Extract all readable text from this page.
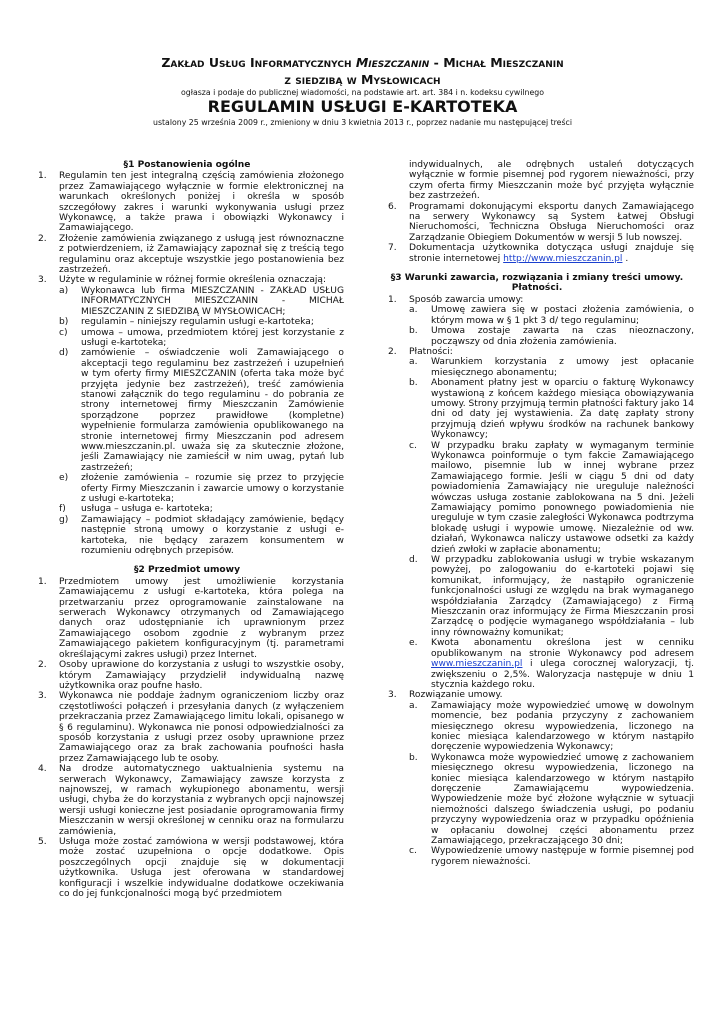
Zakład Usług Informatycznych Mieszczanin - Michał Mieszczanin
z siedzibą w Mysłowicach
ogłasza i podaje do publicznej wiadomości, na podstawie art. art. 384 i n. kodeksu cywilnego
REGULAMIN USŁUGI E-KARTOTEKA
ustalony 25 września 2009 r., zmieniony w dniu 3 kwietnia 2013 r., poprzez nadanie mu następującej treści
§1 Postanowienia ogólne
1. Regulamin ten jest integralną częścią zamówienia złożonego przez Zamawiającego wyłącznie w formie elektronicznej na warunkach określonych poniżej i określa w sposób szczegółowy zakres i warunki wykonywania usługi przez Wykonawcę, a także prawa i obowiązki Wykonawcy i Zamawiającego.
2. Złożenie zamówienia związanego z usługą jest równoznaczne z potwierdzeniem, iż Zamawiający zapoznał się z treścią tego regulaminu oraz akceptuje wszystkie jego postanowienia bez zastrzeżeń.
3. Użyte w regulaminie w różnej formie określenia oznaczają:
a) Wykonawca lub firma MIESZCZANIN - ZAKŁAD USŁUG INFORMATYCZNYCH MIESZCZANIN - MICHAŁ MIESZCZANIN Z SIEDZIBĄ W MYSŁOWICACH;
b) regulamin – niniejszy regulamin usługi e-kartoteka;
c) umowa – umowa, przedmiotem której jest korzystanie z usługi e-kartoteka;
d) zamówienie – oświadczenie woli Zamawiającego o akceptacji tego regulaminu bez zastrzeżeń i uzupełnień w tym oferty firmy MIESZCZANIN (oferta taka może być przyjęta jedynie bez zastrzeżeń), treść zamówienia stanowi załącznik do tego regulaminu - do pobrania ze strony internetowej firmy Mieszczanin Zamówienie sporządzone poprzez prawidłowe (kompletne) wypełnienie formularza zamówienia opublikowanego na stronie internetowej firmy Mieszczanin pod adresem www.mieszczanin.pl. uważa się za skutecznie złożone, jeśli Zamawiający nie zamieścił w nim uwag, pytań lub zastrzeżeń;
e) złożenie zamówienia – rozumie się przez to przyjęcie oferty Firmy Mieszczanin i zawarcie umowy o korzystanie z usługi e-kartoteka;
f) usługa – usługa e- kartoteka;
g) Zamawiający – podmiot składający zamówienie, będący następnie stroną umowy o korzystanie z usługi e-kartoteka, nie będący zarazem konsumentem w rozumieniu odrębnych przepisów.
§2 Przedmiot umowy
1. Przedmiotem umowy jest umożliwienie korzystania Zamawiającemu z usługi e-kartoteka, która polega na przetwarzaniu przez oprogramowanie zainstalowane na serwerach Wykonawcy otrzymanych od Zamawiającego danych oraz udostępnianie ich uprawnionym przez Zamawiającego osobom zgodnie z wybranym przez Zamawiającego pakietem konfiguracyjnym (tj. parametrami określającymi zakres usługi) przez Internet.
2. Osoby uprawione do korzystania z usługi to wszystkie osoby, którym Zamawiający przydzielił indywidualną nazwę użytkownika oraz poufne hasło.
3. Wykonawca nie poddaje żadnym ograniczeniom liczby oraz częstotliwości połączeń i przesyłania danych (z wyłączeniem przekraczania przez Zamawiającego limitu lokali, opisanego w § 6 regulaminu). Wykonawca nie ponosi odpowiedzialności za sposób korzystania z usługi przez osoby uprawnione przez Zamawiającego oraz za brak zachowania poufności hasła przez Zamawiającego lub te osoby.
4. Na drodze automatycznego uaktualnienia systemu na serwerach Wykonawcy, Zamawiający zawsze korzysta z najnowszej, w ramach wykupionego abonamentu, wersji usługi, chyba że do korzystania z wybranych opcji najnowszej wersji usługi konieczne jest posiadanie oprogramowania firmy Mieszczanin w wersji określonej w cenniku oraz na formularzu zamówienia,
5. Usługa może zostać zamówiona w wersji podstawowej, która może zostać uzupełniona o opcje dodatkowe. Opis poszczególnych opcji znajduje się w dokumentacji użytkownika. Usługa jest oferowana w standardowej konfiguracji i wszelkie indywidualne dodatkowe oczekiwania co do jej funkcjonalności mogą być przedmiotem
indywidualnych, ale odrębnych ustaleń dotyczących wyłącznie w formie pisemnej pod rygorem nieważności, przy czym oferta firmy Mieszczanin może być przyjęta wyłącznie bez zastrzeżeń.
6. Programami dokonującymi eksportu danych Zamawiającego na serwery Wykonawcy są System Łatwej Obsługi Nieruchomości, Techniczna Obsługa Nieruchomości oraz Zarządzanie Obiegiem Dokumentów w wersji 5 lub nowszej.
7. Dokumentacja użytkownika dotycząca usługi znajduje się stronie internetowej http://www.mieszczanin.pl .
§3 Warunki zawarcia, rozwiązania i zmiany treści umowy. Płatności.
1. Sposób zawarcia umowy:
a. Umowę zawiera się w postaci złożenia zamówienia, o którym mowa w § 1 pkt 3 d/ tego regulaminu;
b. Umowa zostaje zawarta na czas nieoznaczony, począwszy od dnia złożenia zamówienia.
2. Płatności:
a. Warunkiem korzystania z umowy jest opłacanie miesięcznego abonamentu;
b. Abonament płatny jest w oparciu o fakturę Wykonawcy wystawioną z końcem każdego miesiąca obowiązywania umowy. Strony przyjmują termin płatności faktury jako 14 dni od daty jej wystawienia. Za datę zapłaty strony przyjmują dzień wpływu środków na rachunek bankowy Wykonawcy;
c. W przypadku braku zapłaty w wymaganym terminie Wykonawca poinformuje o tym fakcie Zamawiającego mailowo, pisemnie lub w innej wybrane przez Zamawiającego formie. Jeśli w ciągu 5 dni od daty powiadomienia Zamawiający nie ureguluje należności wówczas usługa zostanie zablokowana na 5 dni. Jeżeli Zamawiający pomimo ponownego powiadomienia nie ureguluje w tym czasie zaległości Wykonawca podtrzyma blokadę usługi i wypowie umowę. Niezależnie od ww. działań, Wykonawca naliczy ustawowe odsetki za każdy dzień zwłoki w zapłacie abonamentu;
d. W przypadku zablokowania usługi w trybie wskazanym powyżej, po zalogowaniu do e-kartoteki pojawi się komunikat, informujący, że nastąpiło ograniczenie funkcjonalności usługi ze względu na brak wymaganego współdziałania Zarządcy (Zamawiającego) z Firmą Mieszczanin oraz informujący że Firma Mieszczanin prosi Zarządcę o podjęcie wymaganego współdziałania – lub inny równoważny komunikat;
e. Kwota abonamentu określona jest w cenniku opublikowanym na stronie Wykonawcy pod adresem www.mieszczanin.pl i ulega corocznej waloryzacji, tj. zwiększeniu o 2,5%. Waloryzacja następuje w dniu 1 stycznia każdego roku.
3. Rozwiązanie umowy.
a. Zamawiający może wypowiedzieć umowę w dowolnym momencie, bez podania przyczyny z zachowaniem miesięcznego okresu wypowiedzenia, liczonego na koniec miesiąca kalendarzowego w którym nastąpiło doręczenie wypowiedzenia Wykonawcy;
b. Wykonawca może wypowiedzieć umowę z zachowaniem miesięcznego okresu wypowiedzenia, liczonego na koniec miesiąca kalendarzowego w którym nastąpiło doręczenie Zamawiającemu wypowiedzenia. Wypowiedzenie może być złożone wyłącznie w sytuacji niemożności dalszego świadczenia usługi, po podaniu przyczyny wypowiedzenia oraz w przypadku opóźnienia w opłacaniu dowolnej części abonamentu przez Zamawiającego, przekraczającego 30 dni;
c. Wypowiedzenie umowy następuje w formie pisemnej pod rygorem nieważności.
